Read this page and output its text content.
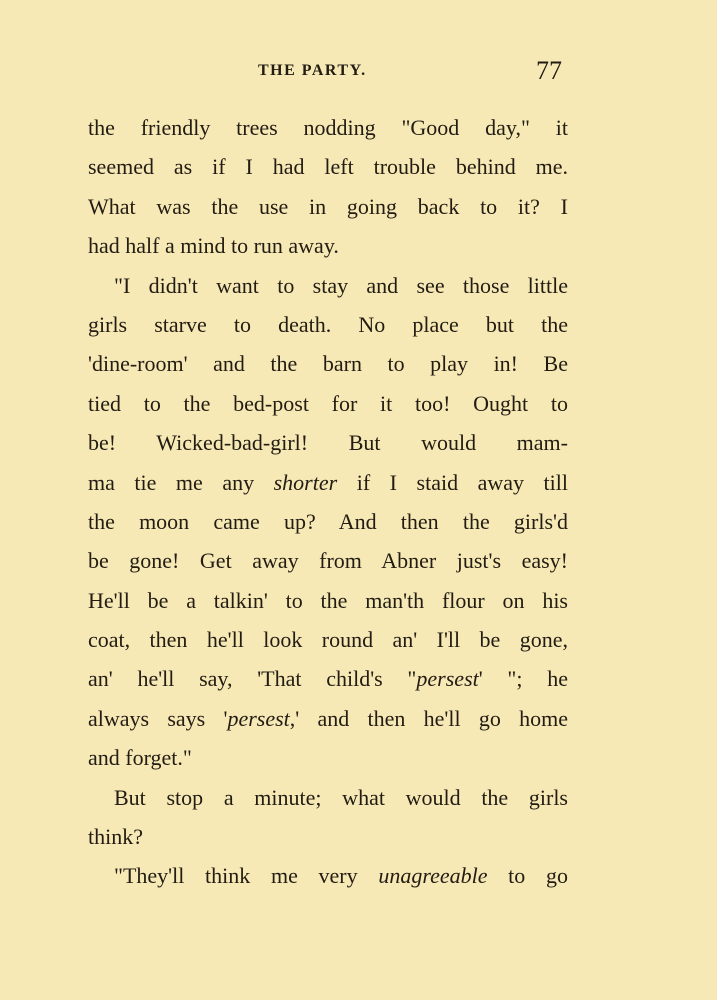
THE PARTY.	77
the friendly trees nodding "Good day," it
seemed as if I had left trouble behind me.
What was the use in going back to it? I
had half a mind to run away.
"I didn't want to stay and see those little
girls starve to death. No place but the
'dine-room' and the barn to play in! Be
tied to the bed-post for it too! Ought to
be! Wicked-bad-girl! But would mam-
ma tie me any shorter if I staid away till
the moon came up? And then the girls'd
be gone! Get away from Abner just's easy!
He'll be a talkin' to the man'th flour on his
coat, then he'll look round an' I'll be gone,
an' he'll say, 'That child's "persest' "; he
always says 'persest,' and then he'll go home
and forget."
But stop a minute; what would the girls
think?
"They'll think me very unagreeable to go
